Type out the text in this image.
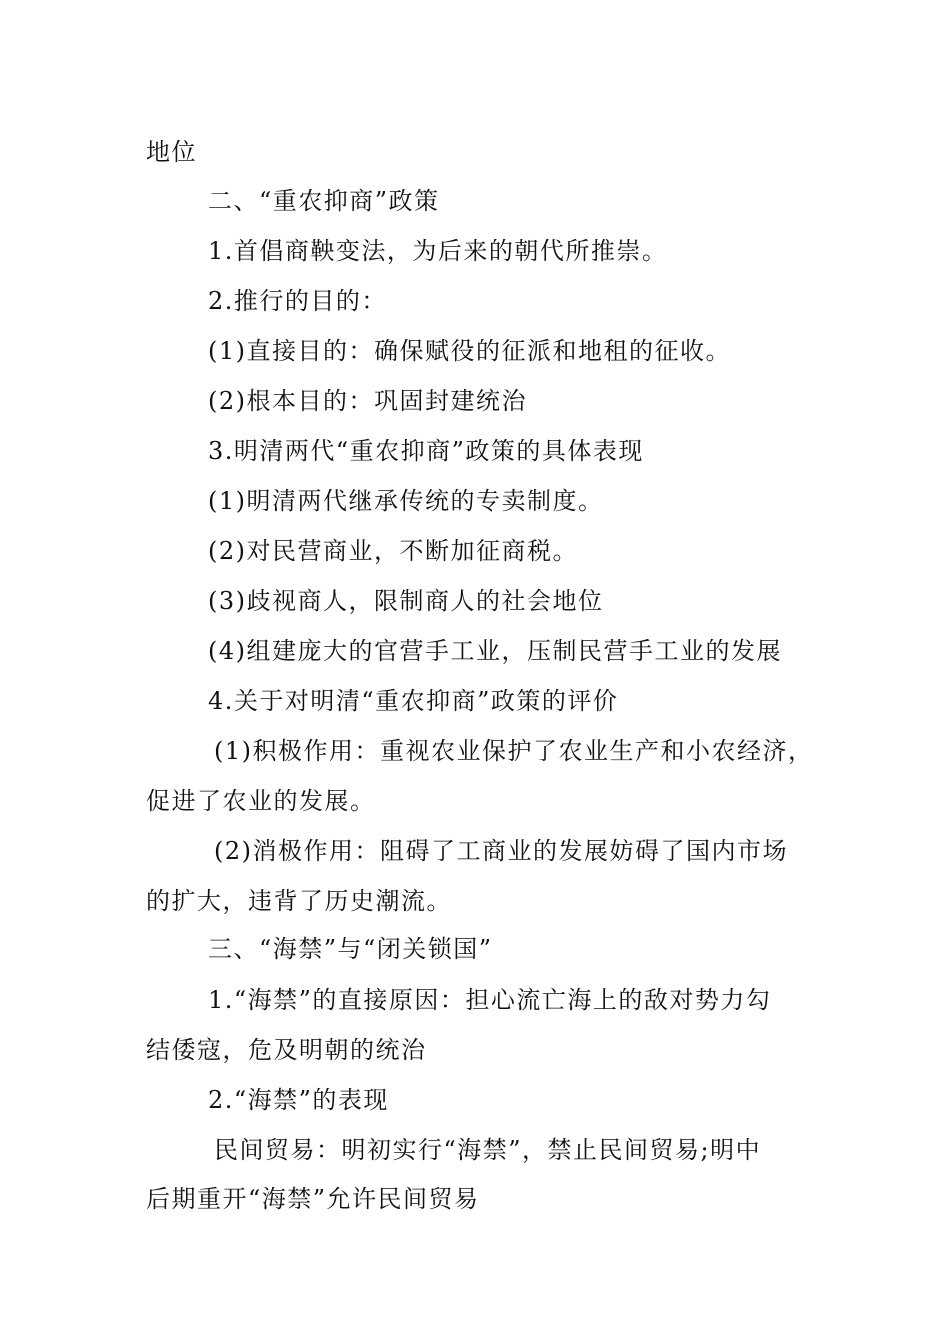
地位
二、“重农抑商”政策
1.首倡商鞅变法，为后来的朝代所推崇。
2.推行的目的：
(1)直接目的：确保赋役的征派和地租的征收。
(2)根本目的：巩固封建统治
3.明清两代“重农抑商”政策的具体表现
(1)明清两代继承传统的专卖制度。
(2)对民营商业，不断加征商税。
(3)歧视商人，限制商人的社会地位
(4)组建庞大的官营手工业，压制民营手工业的发展
4.关于对明清“重农抑商”政策的评价
(1)积极作用：重视农业保护了农业生产和小农经济，
促进了农业的发展。
(2)消极作用：阻碍了工商业的发展妨碍了国内市场
的扩大，违背了历史潮流。
三、“海禁”与“闭关锁国”
1.“海禁”的直接原因：担心流亡海上的敌对势力勾
结倭寇，危及明朝的统治
2.“海禁”的表现
民间贸易：明初实行“海禁”，禁止民间贸易;明中
后期重开“海禁”允许民间贸易
